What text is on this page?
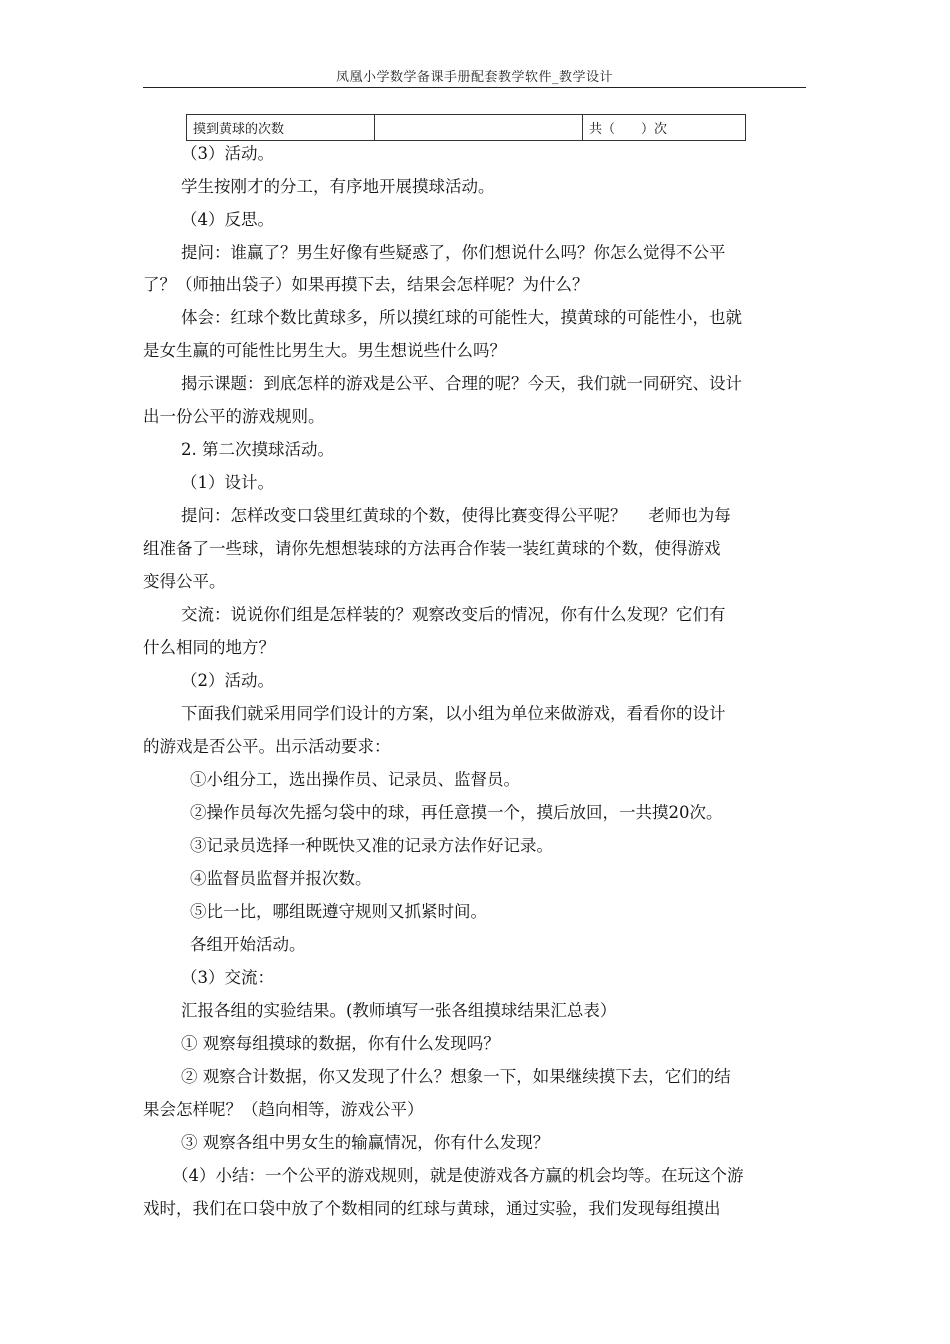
凤凰小学数学备课手册配套教学软件_教学设计
摸到黄球的次数		共（　　）次

（3）活动。

学生按刚才的分工，有序地开展摸球活动。

（4）反思。

提问：谁赢了？男生好像有些疑惑了，你们想说什么吗？你怎么觉得不公平

了？（师抽出袋子）如果再摸下去，结果会怎样呢？为什么？

体会：红球个数比黄球多，所以摸红球的可能性大，摸黄球的可能性小，也就

是女生赢的可能性比男生大。男生想说些什么吗？

揭示课题：到底怎样的游戏是公平、合理的呢？今天，我们就一同研究、设计

出一份公平的游戏规则。

2. 第二次摸球活动。

（1）设计。

提问：怎样改变口袋里红黄球的个数，使得比赛变得公平呢？　 老师也为每

组准备了一些球，请你先想想装球的方法再合作装一装红黄球的个数，使得游戏

变得公平。

交流：说说你们组是怎样装的？观察改变后的情况，你有什么发现？它们有

什么相同的地方？

（2）活动。

下面我们就采用同学们设计的方案，以小组为单位来做游戏，看看你的设计

的游戏是否公平。出示活动要求：

①小组分工，选出操作员、记录员、监督员。

②操作员每次先摇匀袋中的球，再任意摸一个，摸后放回，一共摸20次。

③记录员选择一种既快又准的记录方法作好记录。

④监督员监督并报次数。

⑤比一比，哪组既遵守规则又抓紧时间。

各组开始活动。

（3）交流：

汇报各组的实验结果。(教师填写一张各组摸球结果汇总表）

① 观察每组摸球的数据，你有什么发现吗？

② 观察合计数据，你又发现了什么？想象一下，如果继续摸下去，它们的结

果会怎样呢？（趋向相等，游戏公平）

③ 观察各组中男女生的输赢情况，你有什么发现？

（4）小结：一个公平的游戏规则，就是使游戏各方赢的机会均等。在玩这个游

戏时，我们在口袋中放了个数相同的红球与黄球，通过实验，我们发现每组摸出
